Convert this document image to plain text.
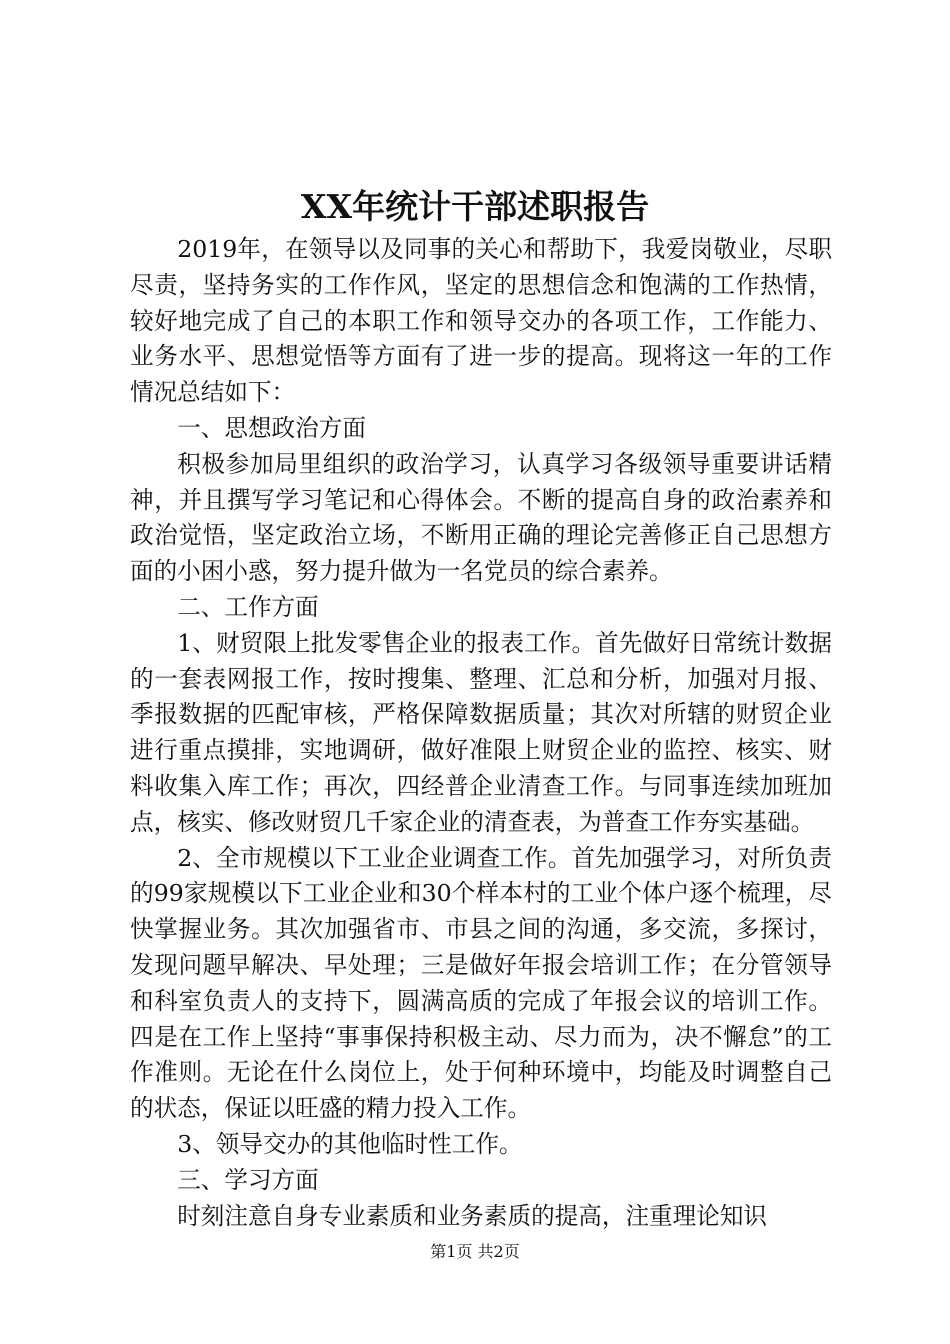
XX年统计干部述职报告

2019年，在领导以及同事的关心和帮助下，我爱岗敬业，尽职尽责，坚持务实的工作作风，坚定的思想信念和饱满的工作热情，较好地完成了自己的本职工作和领导交办的各项工作，工作能力、业务水平、思想觉悟等方面有了进一步的提高。现将这一年的工作情况总结如下：

一、思想政治方面

积极参加局里组织的政治学习，认真学习各级领导重要讲话精神，并且撰写学习笔记和心得体会。不断的提高自身的政治素养和政治觉悟，坚定政治立场，不断用正确的理论完善修正自己思想方面的小困小惑，努力提升做为一名党员的综合素养。

二、工作方面

1、财贸限上批发零售企业的报表工作。首先做好日常统计数据的一套表网报工作，按时搜集、整理、汇总和分析，加强对月报、季报数据的匹配审核，严格保障数据质量；其次对所辖的财贸企业进行重点摸排，实地调研，做好准限上财贸企业的监控、核实、财料收集入库工作；再次，四经普企业清查工作。与同事连续加班加点，核实、修改财贸几千家企业的清查表，为普查工作夯实基础。

2、全市规模以下工业企业调查工作。首先加强学习，对所负责的99家规模以下工业企业和30个样本村的工业个体户逐个梳理，尽快掌握业务。其次加强省市、市县之间的沟通，多交流，多探讨，发现问题早解决、早处理；三是做好年报会培训工作；在分管领导和科室负责人的支持下，圆满高质的完成了年报会议的培训工作。四是在工作上坚持“事事保持积极主动、尽力而为，决不懈怠”的工作准则。无论在什么岗位上，处于何种环境中，均能及时调整自己的状态，保证以旺盛的精力投入工作。

3、领导交办的其他临时性工作。

三、学习方面

时刻注意自身专业素质和业务素质的提高，注重理论知识

第1页 共2页
